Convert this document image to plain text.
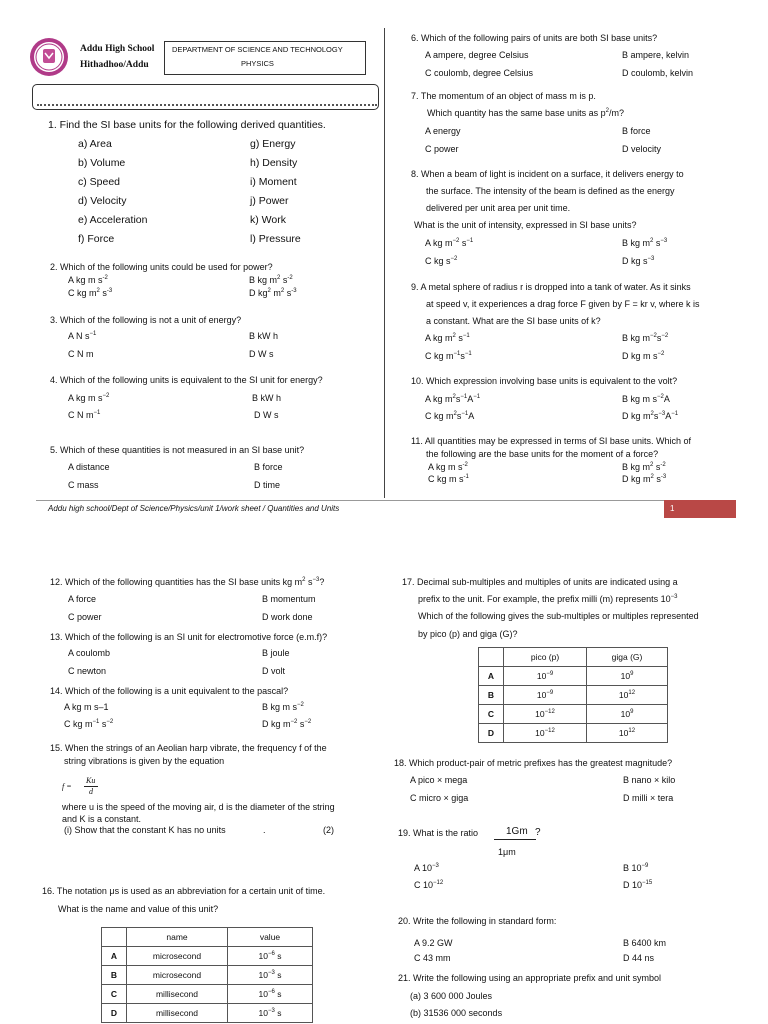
Addu High School
Hithadhoo/Addu
DEPARTMENT OF SCIENCE AND TECHNOLOGY
PHYSICS
1. Find the SI base units for the following derived quantities.
a) Area
b) Volume
c) Speed
d) Velocity
e) Acceleration
f) Force
g) Energy
h) Density
i) Moment
j) Power
k) Work
l) Pressure
2. Which of the following units could be used for power?
A kg m $s^{-2}$	B kg $m^2$ $s^{-2}$
C kg $m^2$ $s^{-3}$	D $kg^2$ $m^2$ $s^{-3}$
3. Which of the following is not a unit of energy?
A N $s^{-1}$	B kW h
C N m	D W s
4. Which of the following units is equivalent to the SI unit for energy?
A kg m $s^{-2}$	B kW h
C N $m^{-1}$	D W s
5. Which of these quantities is not measured in an SI base unit?
A distance	B force
C mass	D time
6. Which of the following pairs of units are both SI base units?
A ampere, degree Celsius	B ampere, kelvin
C coulomb, degree Celsius	D coulomb, kelvin
7. The momentum of an object of mass m is p.
Which quantity has the same base units as $p^2/m$?
A energy	B force
C power	D velocity
8. When a beam of light is incident on a surface, it delivers energy to
the surface. The intensity of the beam is defined as the energy
delivered per unit area per unit time.
What is the unit of intensity, expressed in SI base units?
A kg $m^{-2}$ $s^{-1}$	B kg $m^2$ $s^{-3}$
C kg $s^{-2}$	D kg $s^{-3}$
9. A metal sphere of radius r is dropped into a tank of water. As it sinks
at speed v, it experiences a drag force F given by F = kr v, where k is
a constant. What are the SI base units of k?
A kg $m^2$ $s^{-1}$	B kg $m^{-2}s^{-2}$
C kg $m^{-1}s^{-1}$	D kg m $s^{-2}$
10. Which expression involving base units is equivalent to the volt?
A kg $m^2s^{-1}A^{-1}$	B kg m $s^{-2}A$
C kg $m^2s^{-1}A$	D kg $m^2s^{-3}A^{-1}$
11. All quantities may be expressed in terms of SI base units. Which of
the following are the base units for the moment of a force?
A kg m $s^{-2}$	B kg $m^2$ $s^{-2}$
C kg m $s^{-1}$	D kg $m^2$ $s^{-3}$
Addu high school/Dept of Science/Physics/unit 1/work sheet / Quantities and Units	1
12. Which of the following quantities has the SI base units kg $m^2$ $s^{-3}$?
A force	B momentum
C power	D work done
13. Which of the following is an SI unit for electromotive force (e.m.f)?
A coulomb	B joule
C newton	D volt
14. Which of the following is a unit equivalent to the pascal?
A kg m s–1	B kg m $s^{-2}$
C kg $m^{-1}$ $s^{-2}$	D kg $m^{-2}$ $s^{-2}$
15. When the strings of an Aeolian harp vibrate, the frequency f of the
string vibrations is given by the equation
f =
Ku
d
where u is the speed of the moving air, d is the diameter of the string
and K is a constant.
(i) Show that the constant K has no units	.	(2)
16. The notation μs is used as an abbreviation for a certain unit of time.
What is the name and value of this unit?
	name	value
A	microsecond	$10^{-6}$ s
B	microsecond	$10^{-3}$ s
C	millisecond	$10^{-6}$ s
D	millisecond	$10^{-3}$ s
17. Decimal sub-multiples and multiples of units are indicated using a
prefix to the unit. For example, the prefix milli (m) represents $10^{-3}$
Which of the following gives the sub-multiples or multiples represented
by pico (p) and giga (G)?
	pico (p)	giga (G)
A	$10^{-9}$	$10^9$
B	$10^{-9}$	$10^{12}$
C	$10^{-12}$	$10^9$
D	$10^{-12}$	$10^{12}$
18. Which product-pair of metric prefixes has the greatest magnitude?
A pico × mega	B nano × kilo
C micro × giga	D milli × tera
19. What is the ratio	1Gm ?
1μm
A $10^{-3}$	B $10^{-9}$
C $10^{-12}$	D $10^{-15}$
20. Write the following in standard form:
A 9.2 GW	B 6400 km
C 43 mm	D 44 ns
21. Write the following using an appropriate prefix and unit symbol
(a) 3 600 000 Joules
(b) 31536 000 seconds
